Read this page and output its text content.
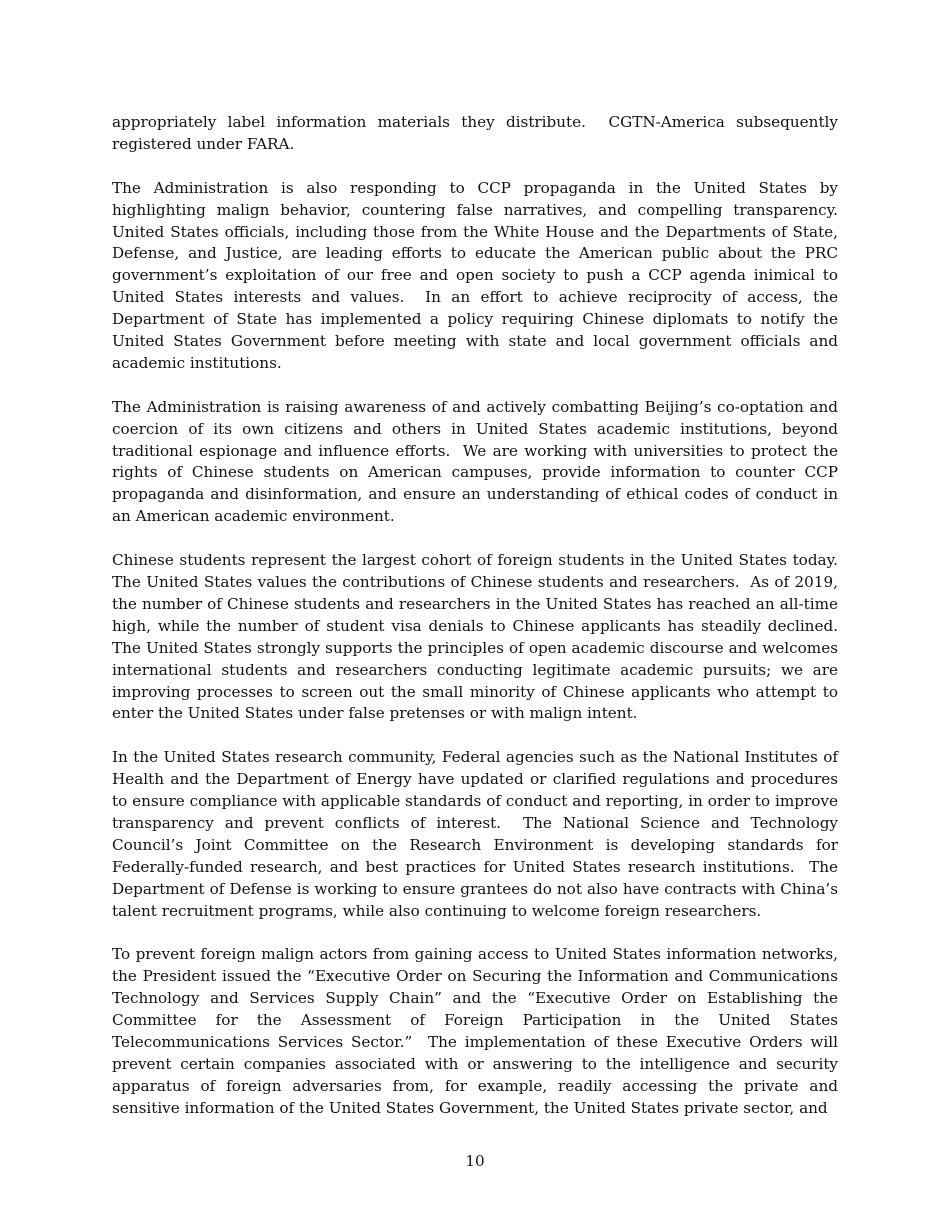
appropriately label information materials they distribute.  CGTN-America subsequently registered under FARA.

The Administration is also responding to CCP propaganda in the United States by highlighting malign behavior, countering false narratives, and compelling transparency. United States officials, including those from the White House and the Departments of State, Defense, and Justice, are leading efforts to educate the American public about the PRC government’s exploitation of our free and open society to push a CCP agenda inimical to United States interests and values.  In an effort to achieve reciprocity of access, the Department of State has implemented a policy requiring Chinese diplomats to notify the United States Government before meeting with state and local government officials and academic institutions.

The Administration is raising awareness of and actively combatting Beijing’s co-optation and coercion of its own citizens and others in United States academic institutions, beyond traditional espionage and influence efforts.  We are working with universities to protect the rights of Chinese students on American campuses, provide information to counter CCP propaganda and disinformation, and ensure an understanding of ethical codes of conduct in an American academic environment.

Chinese students represent the largest cohort of foreign students in the United States today. The United States values the contributions of Chinese students and researchers.  As of 2019, the number of Chinese students and researchers in the United States has reached an all-time high, while the number of student visa denials to Chinese applicants has steadily declined. The United States strongly supports the principles of open academic discourse and welcomes international students and researchers conducting legitimate academic pursuits; we are improving processes to screen out the small minority of Chinese applicants who attempt to enter the United States under false pretenses or with malign intent.

In the United States research community, Federal agencies such as the National Institutes of Health and the Department of Energy have updated or clarified regulations and procedures to ensure compliance with applicable standards of conduct and reporting, in order to improve transparency and prevent conflicts of interest.  The National Science and Technology Council’s Joint Committee on the Research Environment is developing standards for Federally-funded research, and best practices for United States research institutions.  The Department of Defense is working to ensure grantees do not also have contracts with China’s talent recruitment programs, while also continuing to welcome foreign researchers.

To prevent foreign malign actors from gaining access to United States information networks, the President issued the “Executive Order on Securing the Information and Communications Technology and Services Supply Chain” and the “Executive Order on Establishing the Committee for the Assessment of Foreign Participation in the United States Telecommunications Services Sector.”  The implementation of these Executive Orders will prevent certain companies associated with or answering to the intelligence and security apparatus of foreign adversaries from, for example, readily accessing the private and sensitive information of the United States Government, the United States private sector, and

10
